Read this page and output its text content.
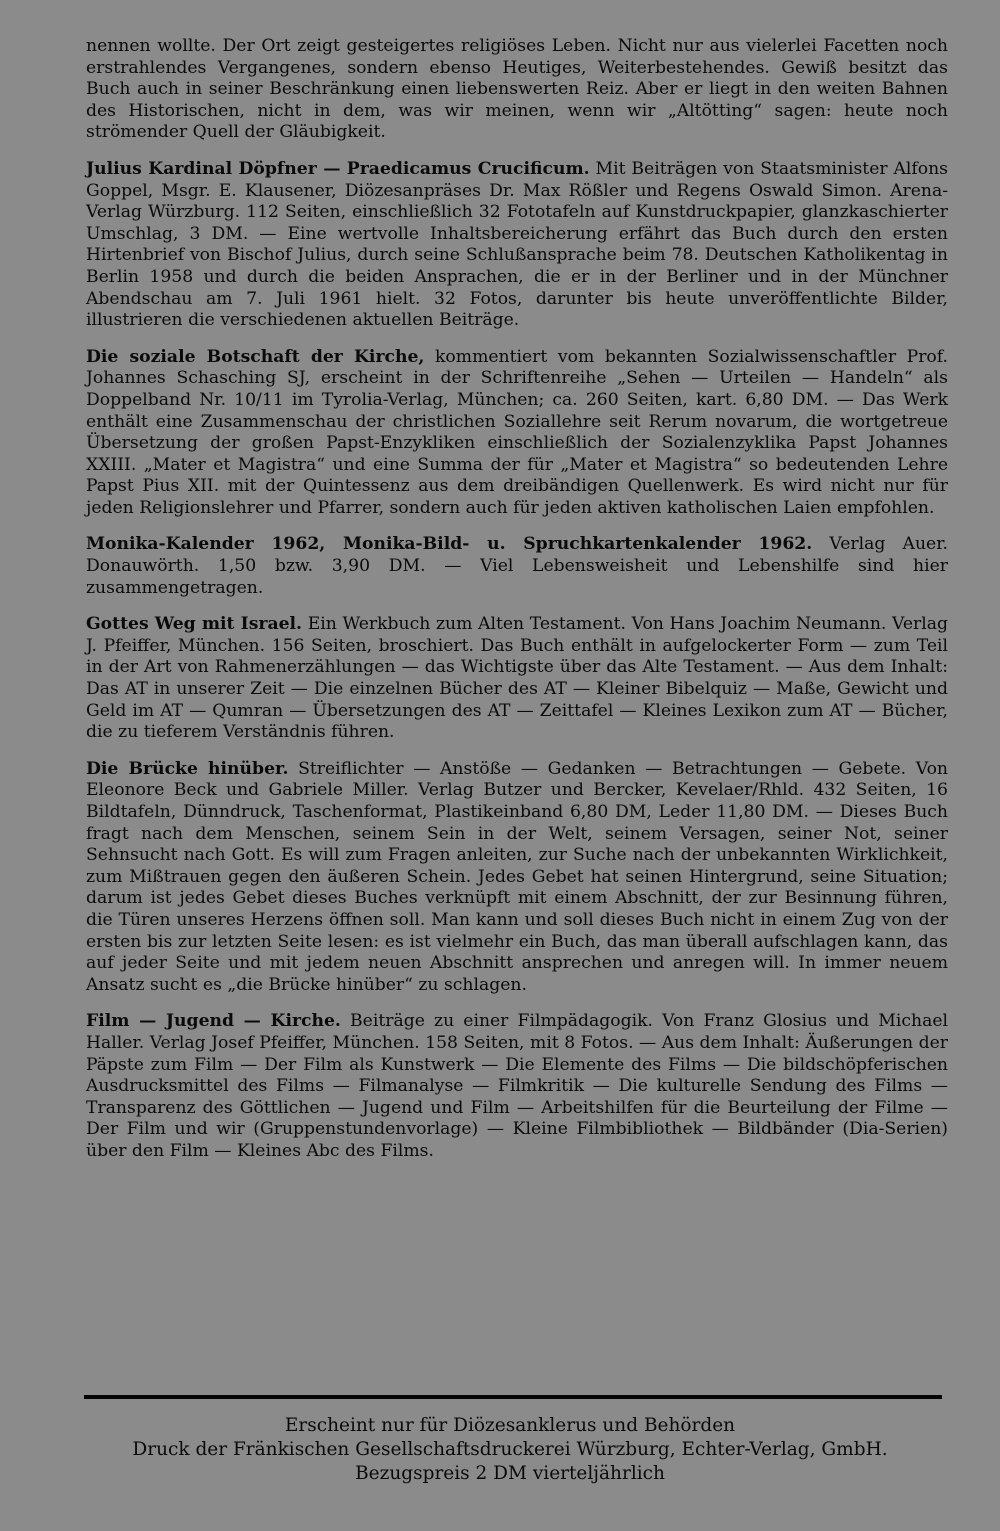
nennen wollte. Der Ort zeigt gesteigertes religiöses Leben. Nicht nur aus vielerlei Facetten noch erstrahlendes Vergangenes, sondern ebenso Heutiges, Weiterbestehendes. Gewiß besitzt das Buch auch in seiner Beschränkung einen liebenswerten Reiz. Aber er liegt in den weiten Bahnen des Historischen, nicht in dem, was wir meinen, wenn wir „Altötting“ sagen: heute noch strömender Quell der Gläubigkeit.

Julius Kardinal Döpfner — Praedicamus Crucificum. Mit Beiträgen von Staatsminister Alfons Goppel, Msgr. E. Klausener, Diözesanpräses Dr. Max Rößler und Regens Oswald Simon. Arena-Verlag Würzburg. 112 Seiten, einschließlich 32 Fototafeln auf Kunstdruckpapier, glanzkaschierter Umschlag, 3 DM. — Eine wertvolle Inhaltsbereicherung erfährt das Buch durch den ersten Hirtenbrief von Bischof Julius, durch seine Schlußansprache beim 78. Deutschen Katholikentag in Berlin 1958 und durch die beiden Ansprachen, die er in der Berliner und in der Münchner Abendschau am 7. Juli 1961 hielt. 32 Fotos, darunter bis heute unveröffentlichte Bilder, illustrieren die verschiedenen aktuellen Beiträge.

Die soziale Botschaft der Kirche, kommentiert vom bekannten Sozialwissenschaftler Prof. Johannes Schasching SJ, erscheint in der Schriftenreihe „Sehen — Urteilen — Handeln“ als Doppelband Nr. 10/11 im Tyrolia-Verlag, München; ca. 260 Seiten, kart. 6,80 DM. — Das Werk enthält eine Zusammenschau der christlichen Soziallehre seit Rerum novarum, die wortgetreue Übersetzung der großen Papst-Enzykliken einschließlich der Sozialenzyklika Papst Johannes XXIII. „Mater et Magistra“ und eine Summa der für „Mater et Magistra“ so bedeutenden Lehre Papst Pius XII. mit der Quintessenz aus dem dreibändigen Quellenwerk. Es wird nicht nur für jeden Religionslehrer und Pfarrer, sondern auch für jeden aktiven katholischen Laien empfohlen.

Monika-Kalender 1962, Monika-Bild- u. Spruchkartenkalender 1962. Verlag Auer. Donauwörth. 1,50 bzw. 3,90 DM. — Viel Lebensweisheit und Lebenshilfe sind hier zusammengetragen.

Gottes Weg mit Israel. Ein Werkbuch zum Alten Testament. Von Hans Joachim Neumann. Verlag J. Pfeiffer, München. 156 Seiten, broschiert. Das Buch enthält in aufgelockerter Form — zum Teil in der Art von Rahmenerzählungen — das Wichtigste über das Alte Testament. — Aus dem Inhalt: Das AT in unserer Zeit — Die einzelnen Bücher des AT — Kleiner Bibelquiz — Maße, Gewicht und Geld im AT — Qumran — Übersetzungen des AT — Zeittafel — Kleines Lexikon zum AT — Bücher, die zu tieferem Verständnis führen.

Die Brücke hinüber. Streiflichter — Anstöße — Gedanken — Betrachtungen — Gebete. Von Eleonore Beck und Gabriele Miller. Verlag Butzer und Bercker, Kevelaer/Rhld. 432 Seiten, 16 Bildtafeln, Dünndruck, Taschenformat, Plastikeinband 6,80 DM, Leder 11,80 DM. — Dieses Buch fragt nach dem Menschen, seinem Sein in der Welt, seinem Versagen, seiner Not, seiner Sehnsucht nach Gott. Es will zum Fragen anleiten, zur Suche nach der unbekannten Wirklichkeit, zum Mißtrauen gegen den äußeren Schein. Jedes Gebet hat seinen Hintergrund, seine Situation; darum ist jedes Gebet dieses Buches verknüpft mit einem Abschnitt, der zur Besinnung führen, die Türen unseres Herzens öffnen soll. Man kann und soll dieses Buch nicht in einem Zug von der ersten bis zur letzten Seite lesen: es ist vielmehr ein Buch, das man überall aufschlagen kann, das auf jeder Seite und mit jedem neuen Abschnitt ansprechen und anregen will. In immer neuem Ansatz sucht es „die Brücke hinüber“ zu schlagen.

Film — Jugend — Kirche. Beiträge zu einer Filmpädagogik. Von Franz Glosius und Michael Haller. Verlag Josef Pfeiffer, München. 158 Seiten, mit 8 Fotos. — Aus dem Inhalt: Äußerungen der Päpste zum Film — Der Film als Kunstwerk — Die Elemente des Films — Die bildschöpferischen Ausdrucksmittel des Films — Filmanalyse — Filmkritik — Die kulturelle Sendung des Films — Transparenz des Göttlichen — Jugend und Film — Arbeitshilfen für die Beurteilung der Filme — Der Film und wir (Gruppenstundenvorlage) — Kleine Filmbibliothek — Bildbänder (Dia-Serien) über den Film — Kleines Abc des Films.

Erscheint nur für Diözesanklerus und Behörden
Druck der Fränkischen Gesellschaftsdruckerei Würzburg, Echter-Verlag, GmbH.
Bezugspreis 2 DM vierteljährlich
